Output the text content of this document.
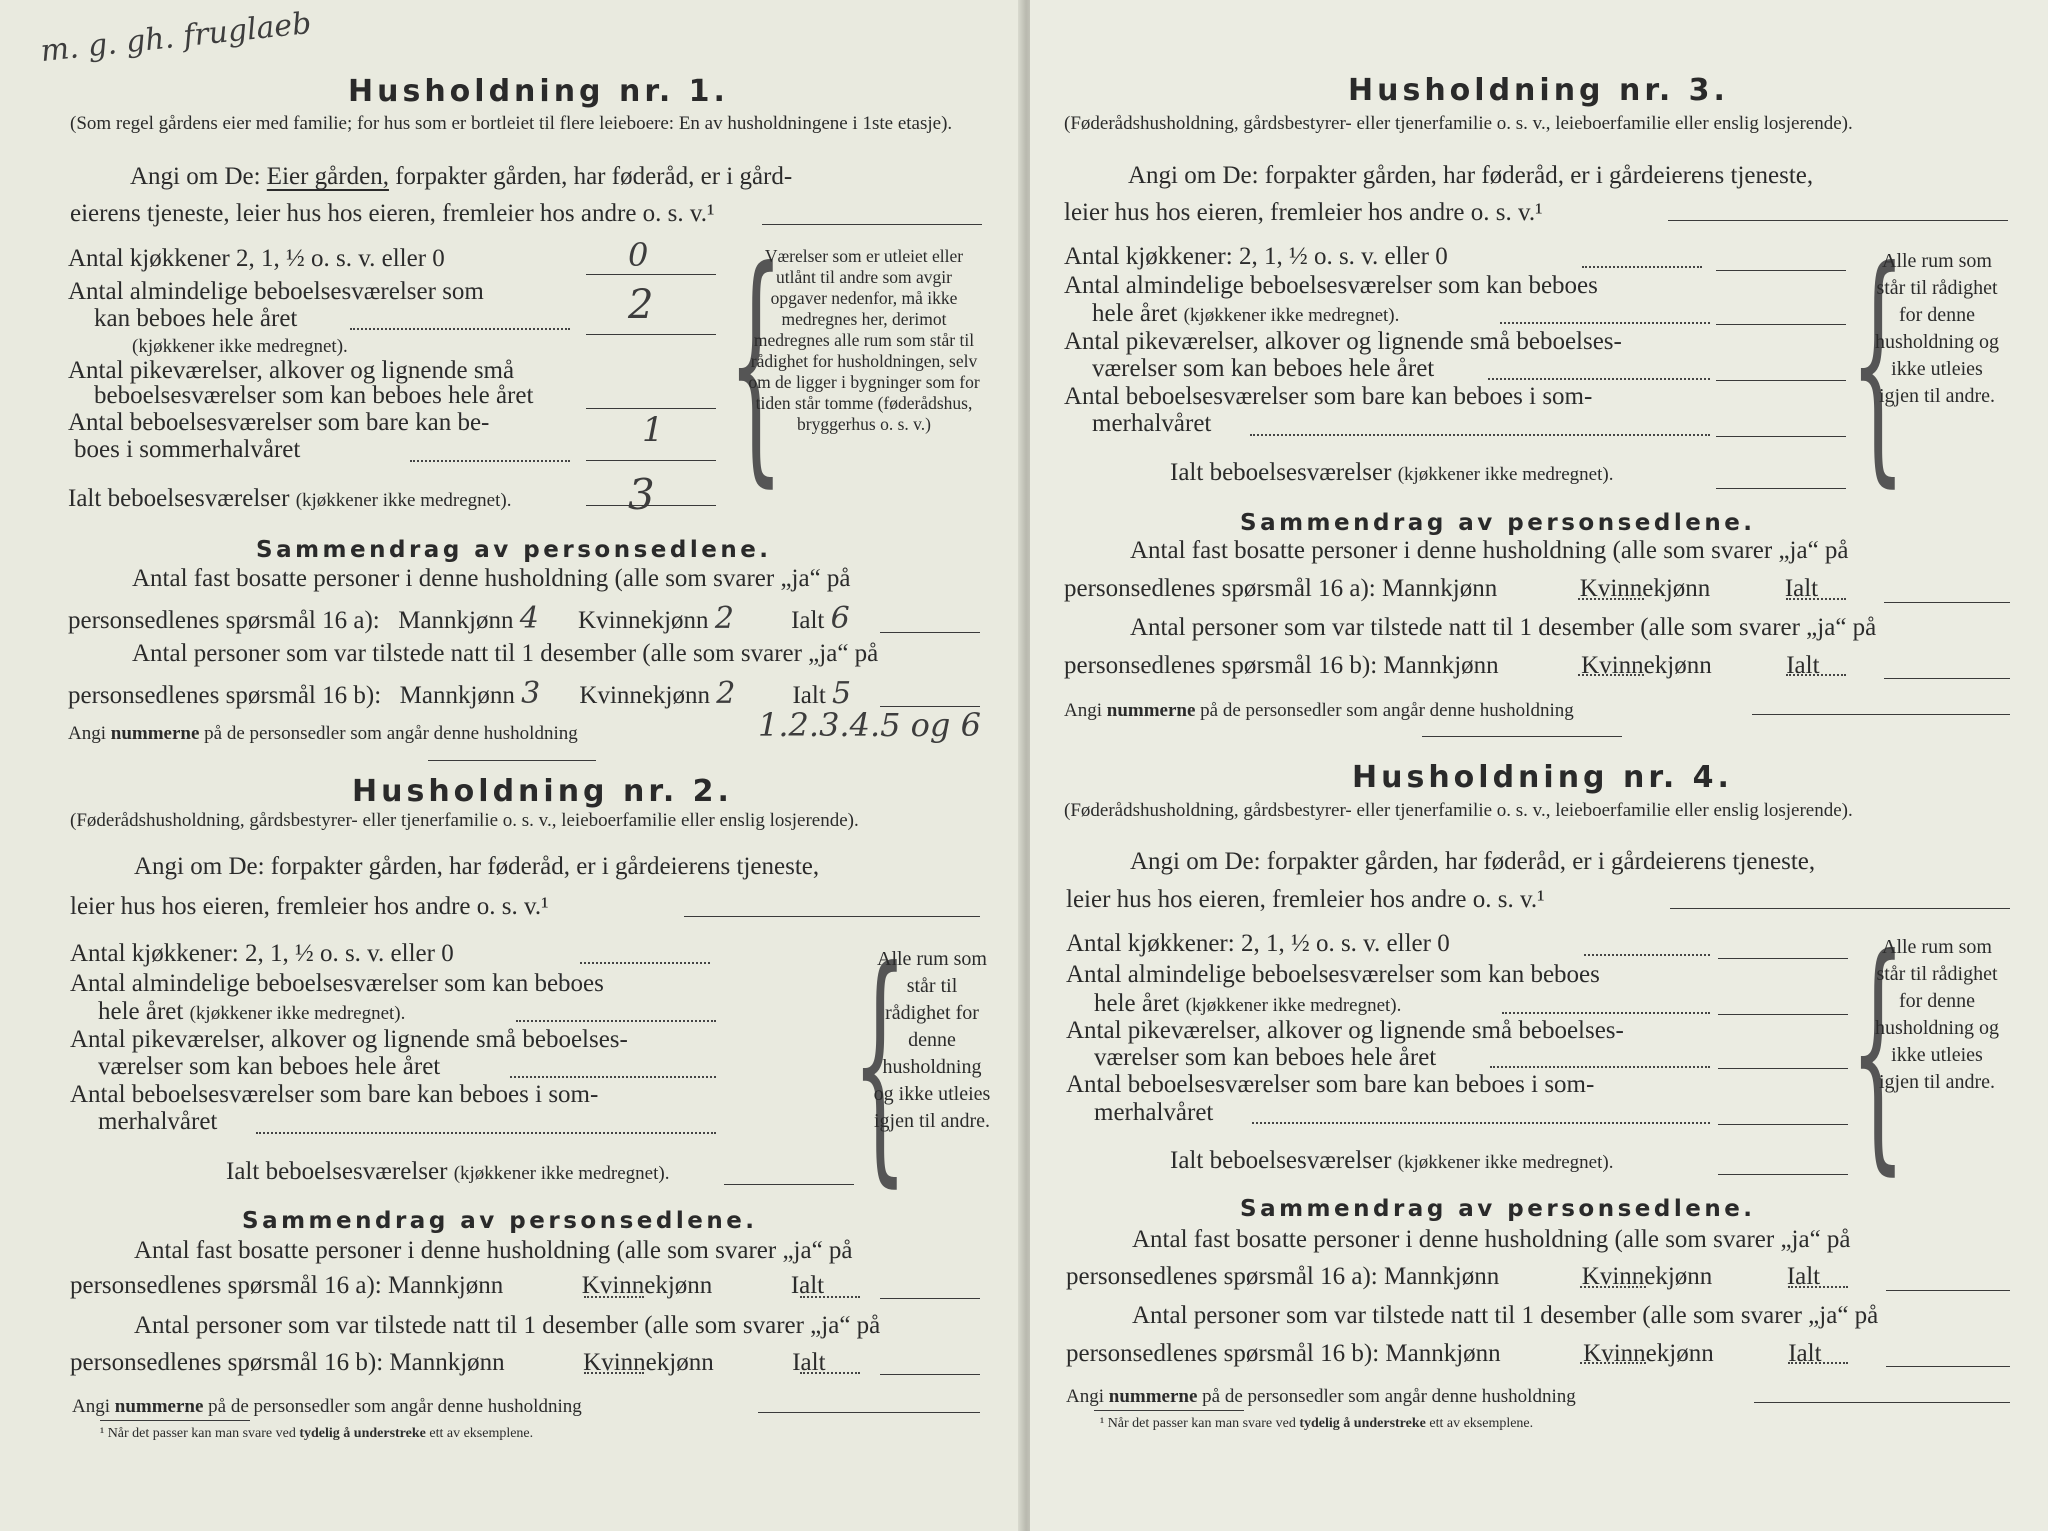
m. g. gh. fruglaeb
Husholdning nr. 1.
(Som regel gårdens eier med familie; for hus som er bortleiet til flere leieboere: En av husholdningene i 1ste etasje).
Angi om De: Eier gården, forpakter gården, har føderåd, er i gård-
eierens tjeneste, leier hus hos eieren, fremleier hos andre o. s. v.¹
Antal kjøkkener 2, 1, ½ o. s. v. eller 0	0
Antal almindelige beboelsesværelser som
kan beboes hele året	2
(kjøkkener ikke medregnet).
Antal pikeværelser, alkover og lignende små
beboelsesværelser som kan beboes hele året
Antal beboelsesværelser som bare kan be-
boes i sommerhalvåret	1
Ialt beboelsesværelser (kjøkkener ikke medregnet).	3 {
Værelser som er utleiet eller utlånt til andre som avgir opgaver nedenfor, må ikke medregnes her, derimot medregnes alle rum som står til rådighet for husholdningen, selv om de ligger i bygninger som for tiden står tomme (føderådshus, bryggerhus o. s. v.)
Sammendrag av personsedlene.
Antal fast bosatte personer i denne husholdning (alle som svarer „ja“ på
personsedlenes spørsmål 16 a): Mannkjønn 4 Kvinnekjønn 2 Ialt 6
Antal personer som var tilstede natt til 1 desember (alle som svarer „ja“ på
personsedlenes spørsmål 16 b): Mannkjønn 3 Kvinnekjønn 2 Ialt 5
Angi nummerne på de personsedler som angår denne husholdning	1.2.3.4.5 og 6
Husholdning nr. 2.
(Føderådshusholdning, gårdsbestyrer- eller tjenerfamilie o. s. v., leieboerfamilie eller enslig losjerende).
Angi om De: forpakter gården, har føderåd, er i gårdeierens tjeneste,
leier hus hos eieren, fremleier hos andre o. s. v.¹
Antal kjøkkener: 2, 1, ½ o. s. v. eller 0
Antal almindelige beboelsesværelser som kan beboes
hele året (kjøkkener ikke medregnet).
Antal pikeværelser, alkover og lignende små beboelses-
værelser som kan beboes hele året
Antal beboelsesværelser som bare kan beboes i som-
merhalvåret
Ialt beboelsesværelser (kjøkkener ikke medregnet). {
Alle rum som står til rådighet for denne husholdning og ikke utleies igjen til andre.
Sammendrag av personsedlene.
Antal fast bosatte personer i denne husholdning (alle som svarer „ja“ på
personsedlenes spørsmål 16 a): Mannkjønn	Kvinnekjønn	Ialt
Antal personer som var tilstede natt til 1 desember (alle som svarer „ja“ på
personsedlenes spørsmål 16 b): Mannkjønn	Kvinnekjønn	Ialt
Angi nummerne på de personsedler som angår denne husholdning
¹ Når det passer kan man svare ved tydelig å understreke ett av eksemplene.
Husholdning nr. 3.
(Føderådshusholdning, gårdsbestyrer- eller tjenerfamilie o. s. v., leieboerfamilie eller enslig losjerende).
Angi om De: forpakter gården, har føderåd, er i gårdeierens tjeneste,
leier hus hos eieren, fremleier hos andre o. s. v.¹
Antal kjøkkener: 2, 1, ½ o. s. v. eller 0
Antal almindelige beboelsesværelser som kan beboes
hele året (kjøkkener ikke medregnet).
Antal pikeværelser, alkover og lignende små beboelses-
værelser som kan beboes hele året
Antal beboelsesværelser som bare kan beboes i som-
merhalvåret
Ialt beboelsesværelser (kjøkkener ikke medregnet). {
Alle rum som står til rådighet for denne husholdning og ikke utleies igjen til andre.
Sammendrag av personsedlene.
Antal fast bosatte personer i denne husholdning (alle som svarer „ja“ på
personsedlenes spørsmål 16 a): Mannkjønn	Kvinnekjønn	Ialt
Antal personer som var tilstede natt til 1 desember (alle som svarer „ja“ på
personsedlenes spørsmål 16 b): Mannkjønn	Kvinnekjønn	Ialt
Angi nummerne på de personsedler som angår denne husholdning
Husholdning nr. 4.
(Føderådshusholdning, gårdsbestyrer- eller tjenerfamilie o. s. v., leieboerfamilie eller enslig losjerende).
Angi om De: forpakter gården, har føderåd, er i gårdeierens tjeneste,
leier hus hos eieren, fremleier hos andre o. s. v.¹
Antal kjøkkener: 2, 1, ½ o. s. v. eller 0
Antal almindelige beboelsesværelser som kan beboes
hele året (kjøkkener ikke medregnet).
Antal pikeværelser, alkover og lignende små beboelses-
værelser som kan beboes hele året
Antal beboelsesværelser som bare kan beboes i som-
merhalvåret
Ialt beboelsesværelser (kjøkkener ikke medregnet). {
Alle rum som står til rådighet for denne husholdning og ikke utleies igjen til andre.
Sammendrag av personsedlene.
Antal fast bosatte personer i denne husholdning (alle som svarer „ja“ på
personsedlenes spørsmål 16 a): Mannkjønn	Kvinnekjønn	Ialt
Antal personer som var tilstede natt til 1 desember (alle som svarer „ja“ på
personsedlenes spørsmål 16 b): Mannkjønn	Kvinnekjønn	Ialt
Angi nummerne på de personsedler som angår denne husholdning
¹ Når det passer kan man svare ved tydelig å understreke ett av eksemplene.
